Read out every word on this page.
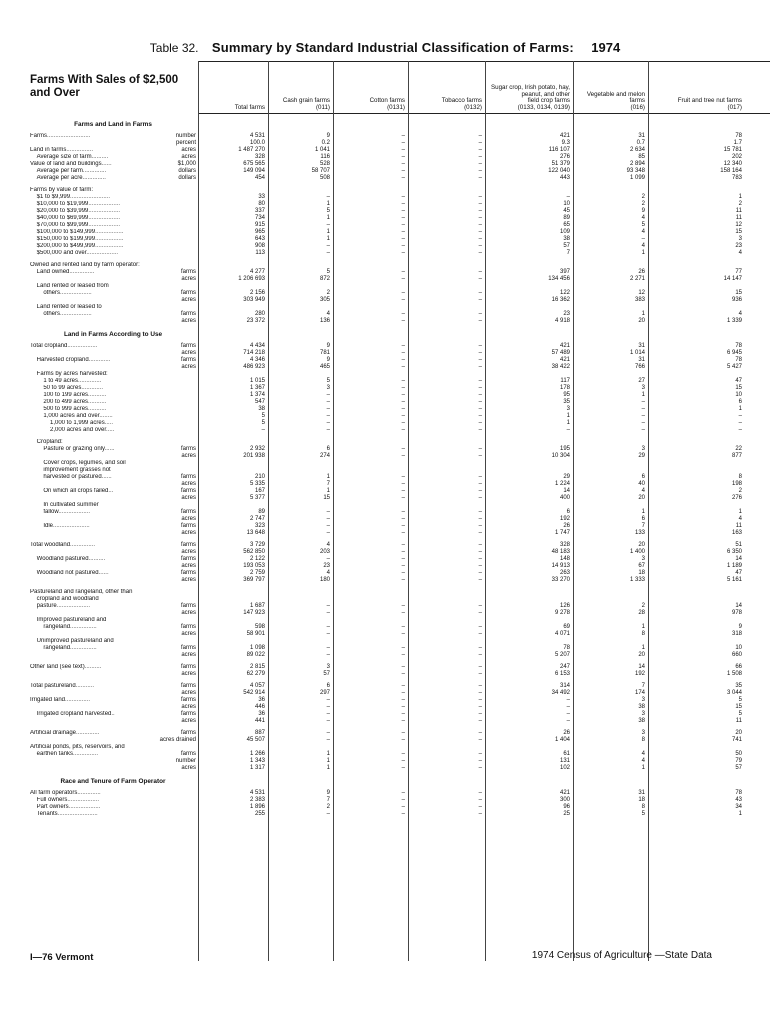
Table 32. Summary by Standard Industrial Classification of Farms: 1974
Farms With Sales of $2,500 and Over
Total farms
Cash grain farms
(011)
Cotton farms
(0131)
Tobacco farms
(0132)
Sugar crop, Irish potato, hay, peanut, and other
field crop farms
(0133, 0134, 0139)
Vegetable and melon farms
(016)
Fruit and tree nut farms
(017)
Farms and Land in Farms
Farms..........................	number	4 531	9	–	–	421	31	78
percent	100.0	0.2	–	–	9.3	0.7	1.7
Land in farms................	acres	1 487 270	1 041	–	–	116 107	2 634	15 781
Average size of farm..........	acres	328	116	–	–	276	85	202
Value of land and buildings......	$1,000	675 565	528	–	–	51 379	2 894	12 340
Average per farm..............	dollars	149 094	58 707	–	–	122 040	93 348	158 164
Average per acre..............	dollars	454	508	–	–	443	1 099	783
Farms by value of farm:
$1 to $9,999........................	33	–	–	–	–	2	1
$10,000 to $19,999...................	80	1	–	–	10	2	2
$20,000 to $39,999...................	337	5	–	–	45	9	11
$40,000 to $69,999...................	734	1	–	–	89	4	11
$70,000 to $99,999...................	915	–	–	–	65	5	12
$100,000 to $149,999.................	965	1	–	–	109	4	15
$150,000 to $199,999.................	643	1	–	–	38	–	3
$200,000 to $499,999.................	908	–	–	–	57	4	23
$500,000 and over...................	113	–	–	–	7	1	4
Owned and rented land by farm operator:
Land owned...............	farms	4 277	5	–	–	397	26	77
acres	1 206 693	872	–	–	134 456	2 271	14 147
Land rented or leased from
others...................	farms	2 156	2	–	–	122	12	15
acres	303 949	305	–	–	16 362	383	936
Land rented or leased to
others...................	farms	280	4	–	–	23	1	4
acres	23 372	136	–	–	4 918	20	1 339
Land in Farms According to Use
Total cropland..................	farms	4 434	9	–	–	421	31	78
acres	714 218	781	–	–	57 489	1 014	6 945
Harvested cropland.............	farms	4 346	9	–	–	421	31	78
acres	486 923	465	–	–	38 422	766	5 427
Farms by acres harvested:
1 to 49 acres..............	1 015	5	–	–	117	27	47
50 to 99 acres.............	1 367	3	–	–	178	3	15
100 to 199 acres...........	1 374	–	–	–	95	1	10
200 to 499 acres...........	547	–	–	–	35	–	6
500 to 999 acres...........	38	–	–	–	3	–	1
1,000 acres and over........	5	–	–	–	1	–	–
1,000 to 1,999 acres.....	5	–	–	–	1	–	–
2,000 acres and over.....	–	–	–	–	–	–	–
Cropland:
Pasture or grazing only......	farms	2 932	6	–	–	195	3	22
acres	201 938	274	–	–	10 304	29	877
Cover crops, legumes, and soil
improvement grasses not
harvested or pastured......	farms	210	1	–	–	29	6	8
acres	5 335	7	–	–	1 224	40	198
On which all crops failed...	farms	167	1	–	–	14	4	2
acres	5 377	15	–	–	400	20	276
In cultivated summer
fallow...................	farms	89	–	–	–	6	1	1
acres	2 747	–	–	–	192	6	4
Idle......................	farms	323	–	–	–	26	7	11
acres	13 648	–	–	–	1 747	133	163
Total woodland...............	farms	3 729	4	–	–	328	20	51
acres	562 850	203	–	–	48 183	1 400	6 350
Woodland pastured..........	farms	2 122	–	–	–	148	3	14
acres	193 053	23	–	–	14 913	67	1 189
Woodland not pastured......	farms	2 759	4	–	–	263	18	47
acres	369 797	180	–	–	33 270	1 333	5 161
Pastureland and rangeland, other than
cropland and woodland
pasture....................	farms	1 687	–	–	–	126	2	14
acres	147 923	–	–	–	9 278	28	978
Improved pastureland and
rangeland................	farms	598	–	–	–	69	1	9
acres	58 901	–	–	–	4 071	8	318
Unimproved pastureland and
rangeland................	farms	1 098	–	–	–	78	1	10
acres	89 022	–	–	–	5 207	20	660
Other land (see text)..........	farms	2 815	3	–	–	247	14	66
acres	62 279	57	–	–	6 153	192	1 508
Total pastureland...........	farms	4 057	6	–	–	314	7	35
acres	542 914	297	–	–	34 492	174	3 044
Irrigated land...............	farms	36	–	–	–	–	3	5
acres	446	–	–	–	–	38	15
Irrigated cropland harvested..	farms	36	–	–	–	–	3	5
acres	441	–	–	–	–	38	11
Artificial drainage..............	farms	887	–	–	–	26	3	20
acres drained	45 507	–	–	–	1 404	8	741
Artificial ponds, pits, reservoirs, and
earthen tanks...............	farms	1 266	1	–	–	61	4	50
number	1 343	1	–	–	131	4	79
acres	1 317	1	–	–	102	1	57
Race and Tenure of Farm Operator
All farm operators..............	4 531	9	–	–	421	31	78
Full owners...................	2 383	7	–	–	300	18	43
Part owners...................	1 896	2	–	–	96	8	34
Tenants........................	255	–	–	–	25	5	1
I—76 Vermont	1974 Census of Agriculture —State Data
